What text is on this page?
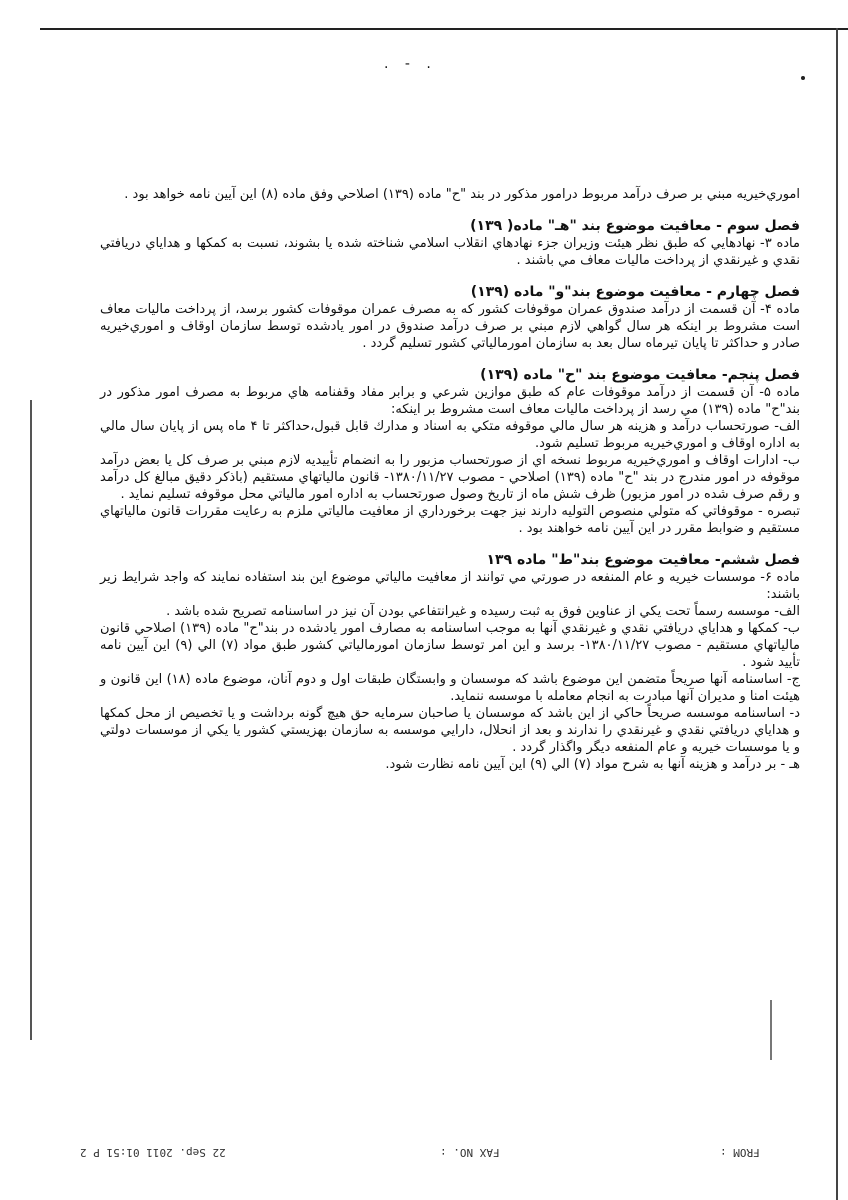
. - .

اموري‌خيريه مبني بر صرف درآمد مربوط درامور مذكور در بند "ح" ماده (۱۳۹) اصلاحي وفق ماده (۸) اين آيين نامه خواهد بود .

فصل سوم - معافيت موضوع بند "هـ" ماده( ۱۳۹)

ماده ۳- نهادهايي كه طبق نظر هيئت وزيران جزء نهادهاي انقلاب اسلامي شناخته شده يا بشوند، نسبت به كمكها و هداياي دريافتي نقدي و غيرنقدي از پرداخت ماليات معاف مي باشند .

فصل چهارم - معافيت موضوع بند"و" ماده (۱۳۹)

ماده ۴- آن قسمت از درآمد صندوق عمران موقوفات كشور كه به مصرف عمران موقوفات كشور برسد، از پرداخت ماليات معاف است مشروط بر اينكه هر سال گواهي لازم مبني بر صرف درآمد صندوق در امور يادشده توسط سازمان اوقاف و اموري‌خيريه صادر و حداكثر تا پايان تيرماه سال بعد به سازمان امورمالياتي كشور تسليم گردد .

فصل پنجم- معافيت موضوع بند "ح" ماده (۱۳۹)

ماده ۵- آن قسمت از درآمد موقوفات عام كه طبق موازين شرعي و برابر مفاد وقفنامه هاي مربوط به مصرف امور مذكور در بند"ح" ماده (۱۳۹) مي رسد از پرداخت ماليات معاف است مشروط بر اينكه:

الف- صورتحساب درآمد و هزينه هر سال مالي موقوفه متكي به اسناد و مدارك قابل قبول،حداكثر تا ۴ ماه پس از پايان سال مالي به اداره اوقاف و اموري‌خيريه مربوط تسليم شود.

ب- ادارات اوقاف و اموري‌خيريه مربوط نسخه اي از صورتحساب مزبور را به انضمام تأييديه لازم مبني بر صرف كل يا بعض درآمد موقوفه در امور مندرج در بند "ح" ماده (۱۳۹) اصلاحي - مصوب ۱۳۸۰/۱۱/۲۷- قانون مالياتهاي مستقيم (باذكر دقيق مبالغ كل درآمد و رقم صرف شده در امور مزبور) ظرف شش ماه از تاريخ وصول صورتحساب به اداره امور مالياتي محل موقوفه تسليم نمايد .

تبصره - موقوفاتي كه متولي منصوص التوليه دارند نيز جهت برخورداري از معافيت مالياتي ملزم به رعايت مقررات قانون مالياتهاي مستقيم و ضوابط مقرر در اين آيين نامه خواهند بود .

فصل ششم- معافيت موضوع بند"ط" ماده ۱۳۹

ماده ۶- موسسات خيريه و عام المنفعه در صورتي مي توانند از معافيت مالياتي موضوع اين بند استفاده نمايند كه واجد شرايط زير باشند:

الف- موسسه رسماً تحت يكي از عناوين فوق به ثبت رسيده و غيرانتفاعي بودن آن نيز در اساسنامه تصريح شده باشد .

ب- كمكها و هداياي دريافتي نقدي و غيرنقدي آنها به موجب اساسنامه به مصارف امور يادشده در بند"ح" ماده (۱۳۹) اصلاحي قانون مالياتهاي مستقيم - مصوب ۱۳۸۰/۱۱/۲۷- برسد و اين امر توسط سازمان امورمالياتي كشور طبق مواد (۷) الي (۹) اين آيين نامه تأييد شود .

ج- اساسنامه آنها صريحاً متضمن اين موضوع باشد كه موسسان و وابستگان طبقات اول و دوم آنان، موضوع ماده (۱۸) اين قانون و هيئت امنا و مديران آنها مبادرت به انجام معامله با موسسه ننمايد.

د- اساسنامه موسسه صريحاً حاكي از اين باشد كه موسسان يا صاحبان سرمايه حق هيچ گونه برداشت و يا تخصيص از محل كمكها و هداياي دريافتي نقدي و غيرنقدي را ندارند و بعد از انحلال، دارايي موسسه به سازمان بهزيستي كشور يا يكي از موسسات دولتي و يا موسسات خيريه و عام المنفعه ديگر واگذار گردد .

هـ - بر درآمد و هزينه آنها به شرح مواد (۷) الي (۹) اين آيين نامه نظارت شود.

22 Sep. 2011 01:51 P 2	FAX NO. :	FROM :
